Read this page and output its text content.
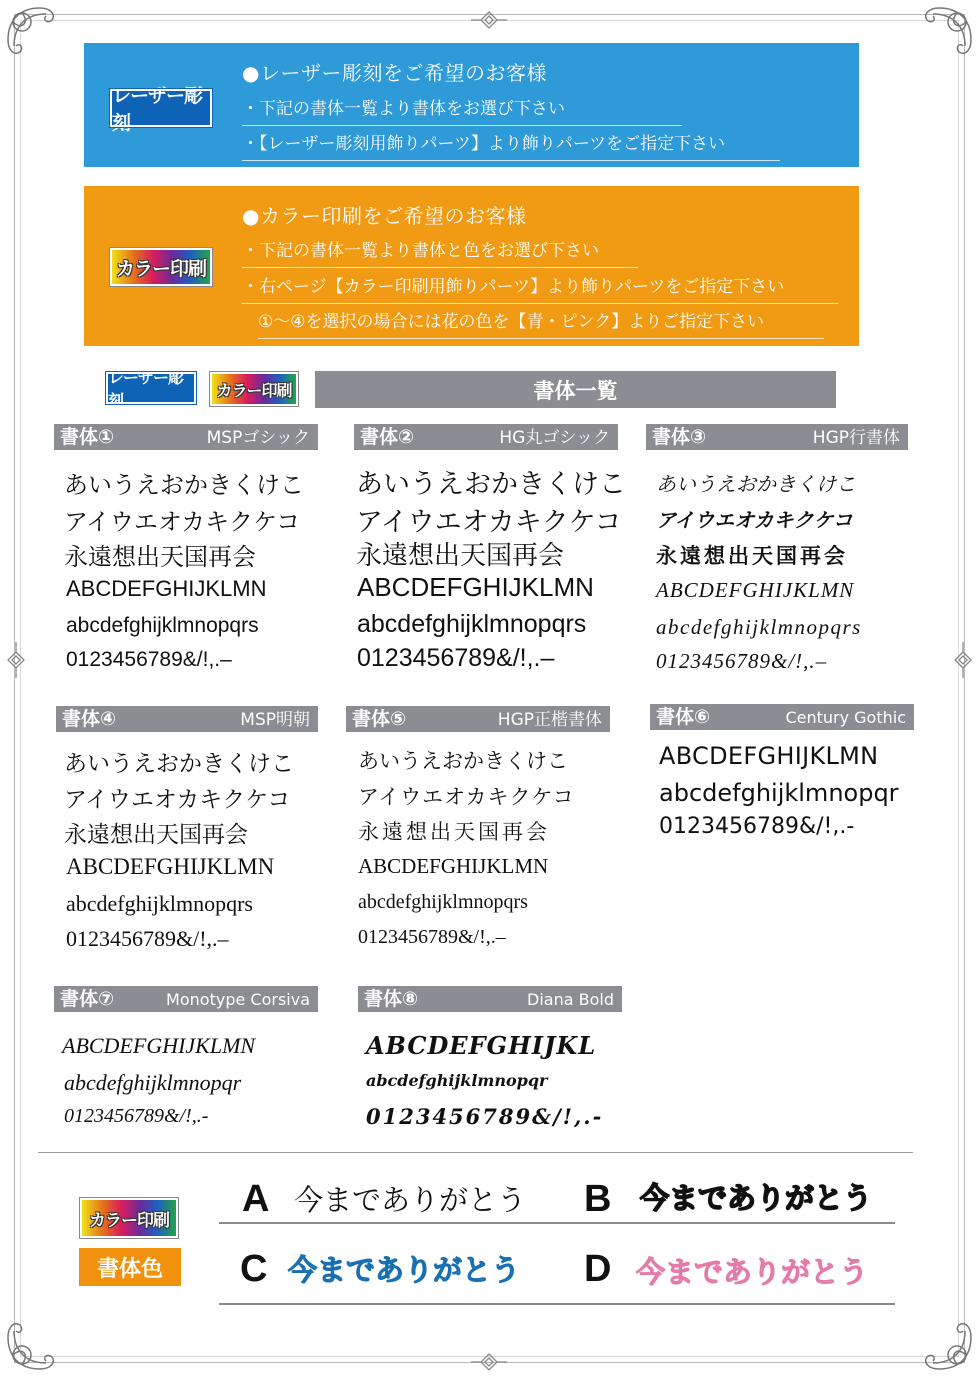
レーザー彫刻
●レーザー彫刻をご希望のお客様
・下記の書体一覧より書体をお選び下さい
・【レーザー彫刻用飾りパーツ】より飾りパーツをご指定下さい
カラー印刷
●カラー印刷をご希望のお客様
・下記の書体一覧より書体と色をお選び下さい
・右ページ【カラー印刷用飾りパーツ】より飾りパーツをご指定下さい
①～④を選択の場合には花の色を【青・ピンク】よりご指定下さい
レーザー彫刻
カラー印刷	書体一覧
書体①	MSPゴシック
あいうえおかきくけこ
アイウエオカキクケコ
永遠想出天国再会
ABCDEFGHIJKLMN
abcdefghijklmnopqrs
0123456789&/!,.–
書体②	HG丸ゴシック
あいうえおかきくけこ
アイウエオカキクケコ
永遠想出天国再会
ABCDEFGHIJKLMN
abcdefghijklmnopqrs
0123456789&/!,.–
書体③	HGP行書体
あいうえおかきくけこ
アイウエオカキクケコ
永遠想出天国再会
ABCDEFGHIJKLMN
abcdefghijklmnopqrs
0123456789&/!,.–
書体④	MSP明朝
あいうえおかきくけこ
アイウエオカキクケコ
永遠想出天国再会
ABCDEFGHIJKLMN
abcdefghijklmnopqrs
0123456789&/!,.–
書体⑤	HGP正楷書体
あいうえおかきくけこ
アイウエオカキクケコ
永遠想出天国再会
ABCDEFGHIJKLMN
abcdefghijklmnopqrs
0123456789&/!,.–
書体⑥	Century Gothic
ABCDEFGHIJKLMN
abcdefghijklmnopqr
0123456789&/!,.-
書体⑦	Monotype Corsiva
ABCDEFGHIJKLMN
abcdefghijklmnopqr
0123456789&/!,.-
書体⑧	Diana Bold
ABCDEFGHIJKL
abcdefghijklmnopqr
0123456789&/!,.-
カラー印刷
書体色
A 今までありがとう B 今までありがとう
C 今までありがとう D 今までありがとう
